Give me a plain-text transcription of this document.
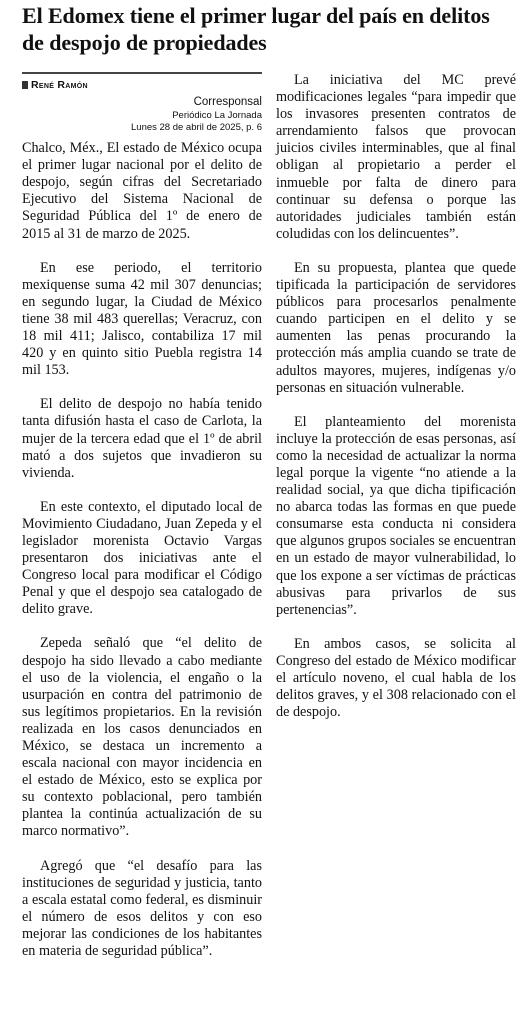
El Edomex tiene el primer lugar del país en delitos de despojo de propiedades
René Ramón
Corresponsal
Periódico La Jornada
Lunes 28 de abril de 2025, p. 6

Chalco, Méx., El estado de México ocupa el primer lugar nacional por el delito de despojo, según cifras del Secretariado Ejecutivo del Sistema Nacional de Seguridad Pública del 1º de enero de 2015 al 31 de marzo de 2025.

En ese periodo, el territorio mexiquense suma 42 mil 307 denuncias; en segundo lugar, la Ciudad de México tiene 38 mil 483 querellas; Veracruz, con 18 mil 411; Jalisco, contabiliza 17 mil 420 y en quinto sitio Puebla registra 14 mil 153.

El delito de despojo no había tenido tanta difusión hasta el caso de Carlota, la mujer de la tercera edad que el 1º de abril mató a dos sujetos que invadieron su vivienda.

En este contexto, el diputado local de Movimiento Ciudadano, Juan Zepeda y el legislador morenista Octavio Vargas presentaron dos iniciativas ante el Congreso local para modificar el Código Penal y que el despojo sea catalogado de delito grave.

Zepeda señaló que “el delito de despojo ha sido llevado a cabo mediante el uso de la violencia, el engaño o la usurpación en contra del patrimonio de sus legítimos propietarios. En la revisión realizada en los casos denunciados en México, se destaca un incremento a escala nacional con mayor incidencia en el estado de México, esto se explica por su contexto poblacional, pero también plantea la continúa actualización de su marco normativo”.

Agregó que “el desafío para las instituciones de seguridad y justicia, tanto a escala estatal como federal, es disminuir el número de esos delitos y con eso mejorar las condiciones de los habitantes en materia de seguridad pública”.

La iniciativa del MC prevé modificaciones legales “para impedir que los invasores presenten contratos de arrendamiento falsos que provocan juicios civiles interminables, que al final obligan al propietario a perder el inmueble por falta de dinero para continuar su defensa o porque las autoridades judiciales también están coludidas con los delincuentes”.

En su propuesta, plantea que quede tipificada la participación de servidores públicos para procesarlos penalmente cuando participen en el delito y se aumenten las penas procurando la protección más amplia cuando se trate de adultos mayores, mujeres, indígenas y/o personas en situación vulnerable.

El planteamiento del morenista incluye la protección de esas personas, así como la necesidad de actualizar la norma legal porque la vigente “no atiende a la realidad social, ya que dicha tipificación no abarca todas las formas en que puede consumarse esta conducta ni considera que algunos grupos sociales se encuentran en un estado de mayor vulnerabilidad, lo que los expone a ser víctimas de prácticas abusivas para privarlos de sus pertenencias”.

En ambos casos, se solicita al Congreso del estado de México modificar el artículo noveno, el cual habla de los delitos graves, y el 308 relacionado con el de despojo.
